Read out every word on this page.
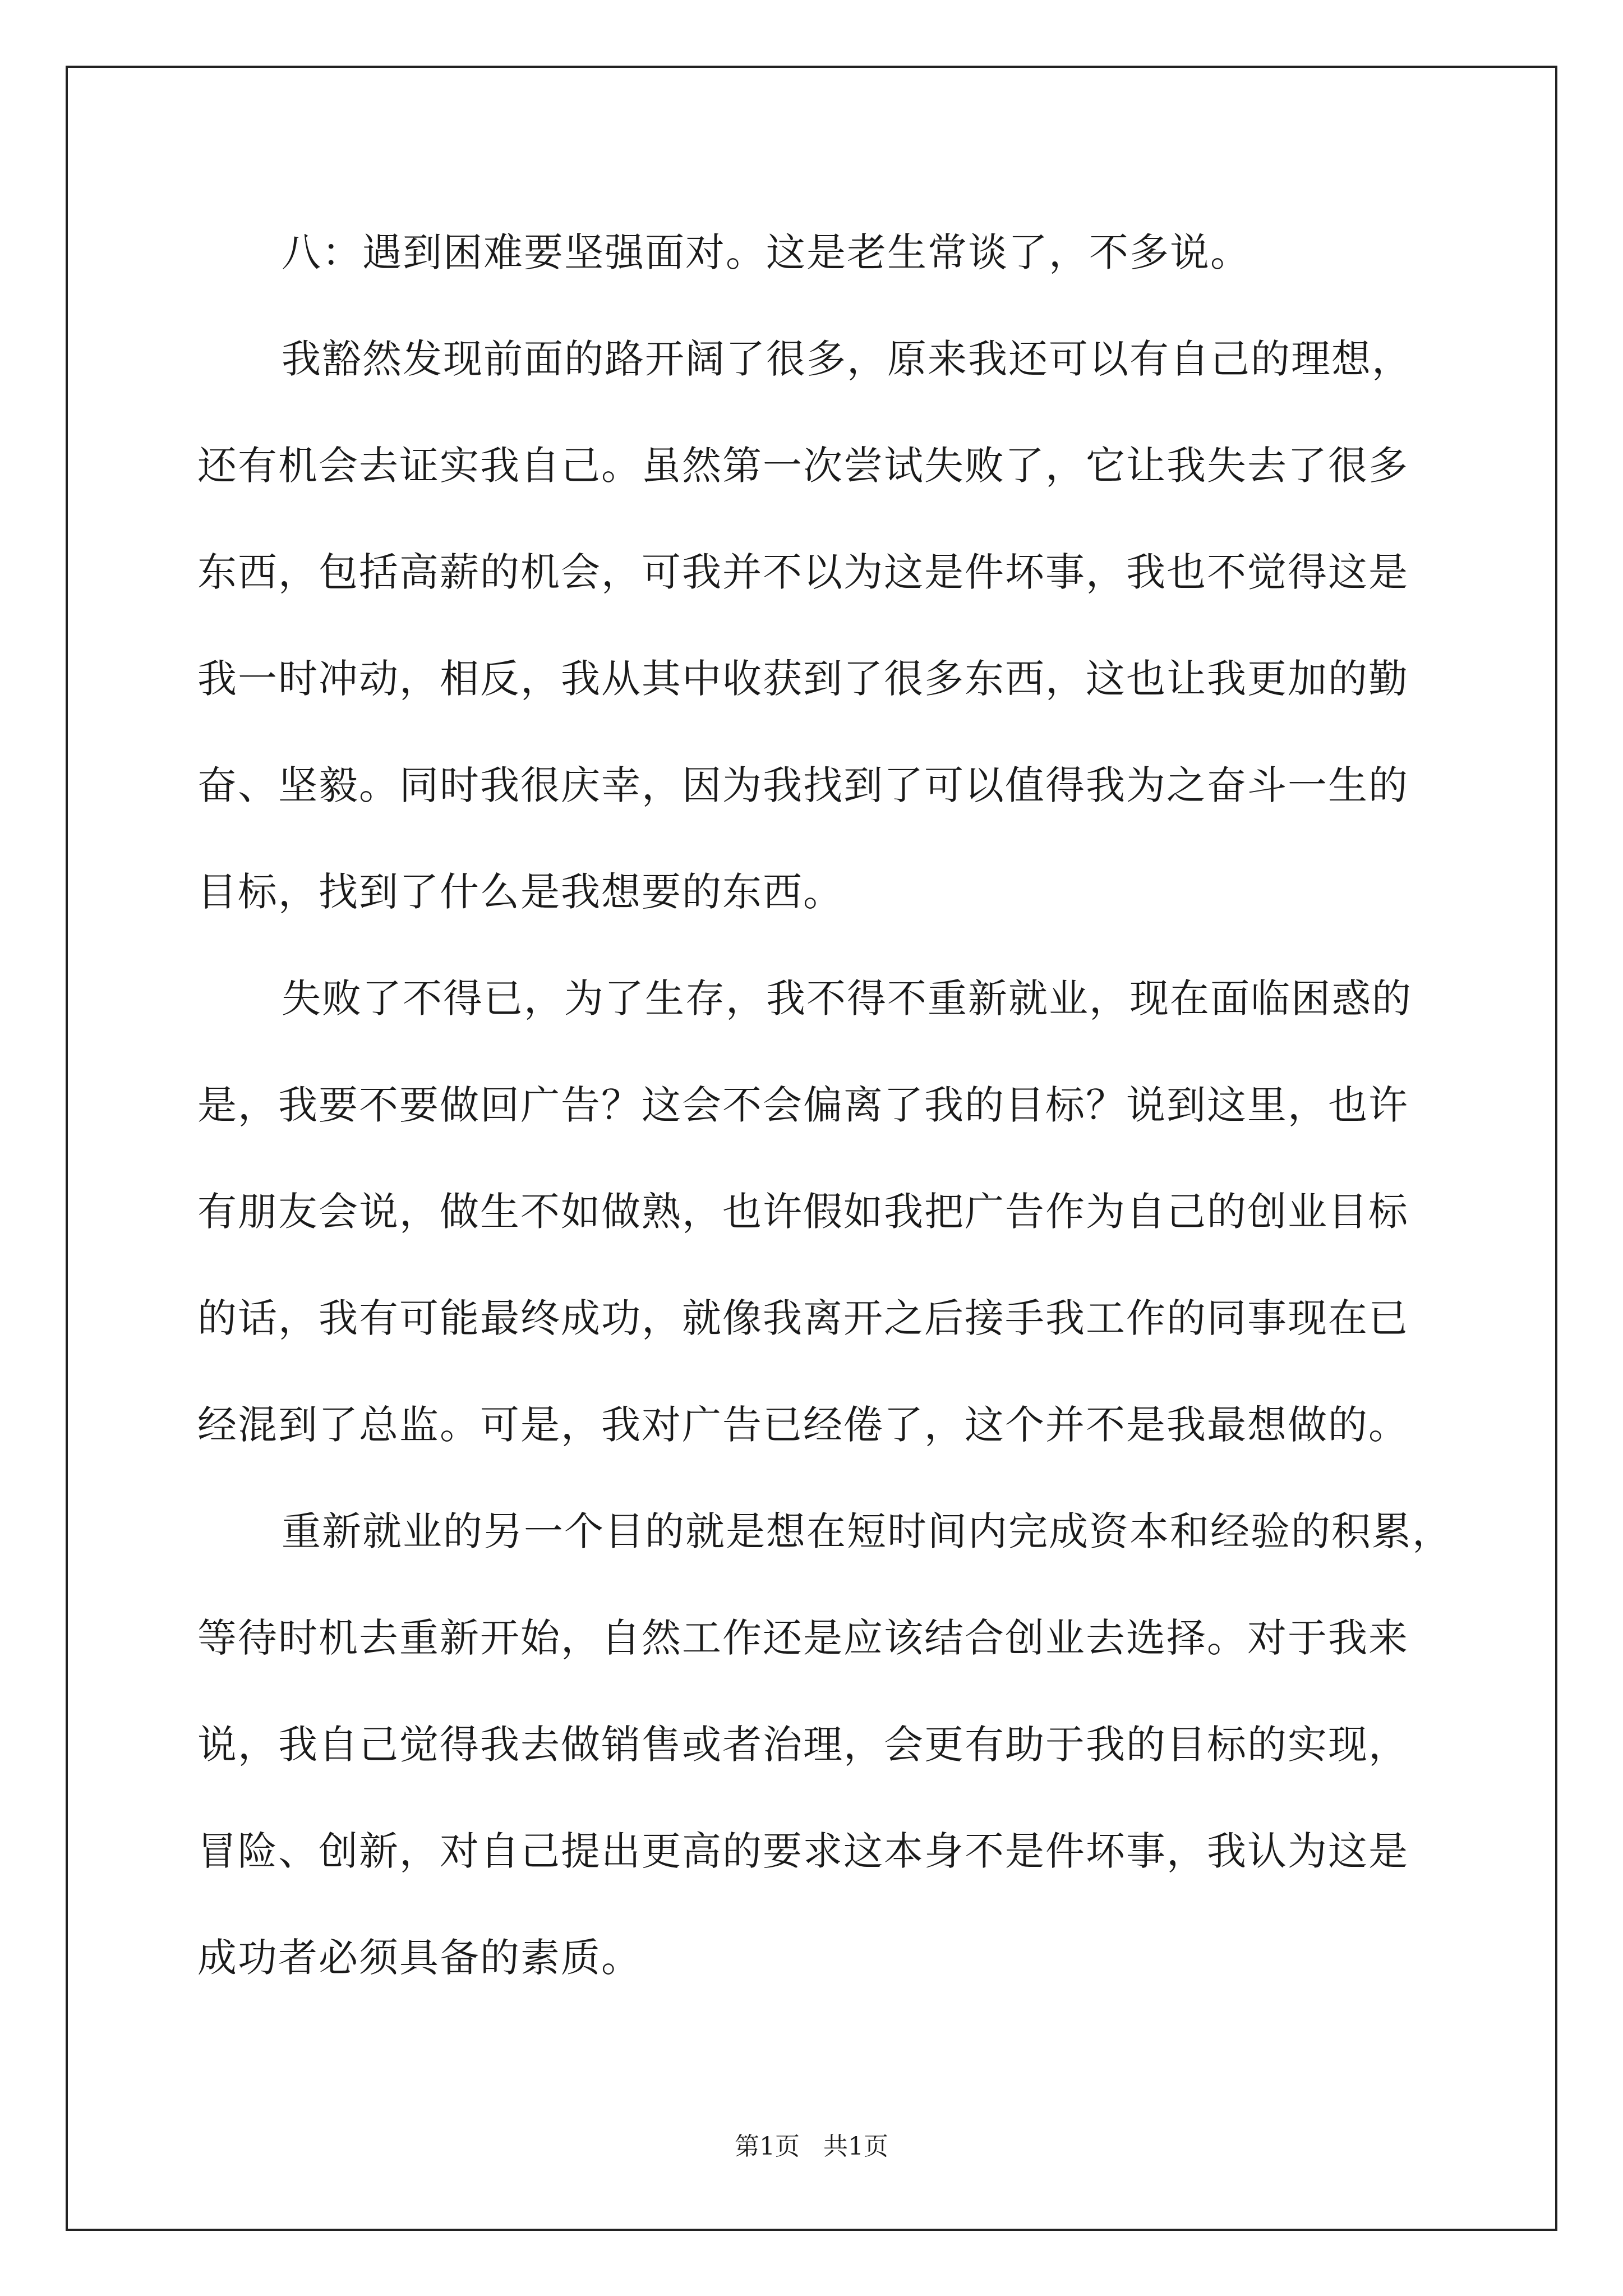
八：遇到困难要坚强面对。这是老生常谈了，不多说。
我豁然发现前面的路开阔了很多，原来我还可以有自己的理想，
还有机会去证实我自己。虽然第一次尝试失败了，它让我失去了很多
东西，包括高薪的机会，可我并不以为这是件坏事，我也不觉得这是
我一时冲动，相反，我从其中收获到了很多东西，这也让我更加的勤
奋、坚毅。同时我很庆幸，因为我找到了可以值得我为之奋斗一生的
目标，找到了什么是我想要的东西。
失败了不得已，为了生存，我不得不重新就业，现在面临困惑的
是，我要不要做回广告？这会不会偏离了我的目标？说到这里，也许
有朋友会说，做生不如做熟，也许假如我把广告作为自己的创业目标
的话，我有可能最终成功，就像我离开之后接手我工作的同事现在已
经混到了总监。可是，我对广告已经倦了，这个并不是我最想做的。
重新就业的另一个目的就是想在短时间内完成资本和经验的积累，
等待时机去重新开始，自然工作还是应该结合创业去选择。对于我来
说，我自己觉得我去做销售或者治理，会更有助于我的目标的实现，
冒险、创新，对自己提出更高的要求这本身不是件坏事，我认为这是
成功者必须具备的素质。
第1页 共1页
